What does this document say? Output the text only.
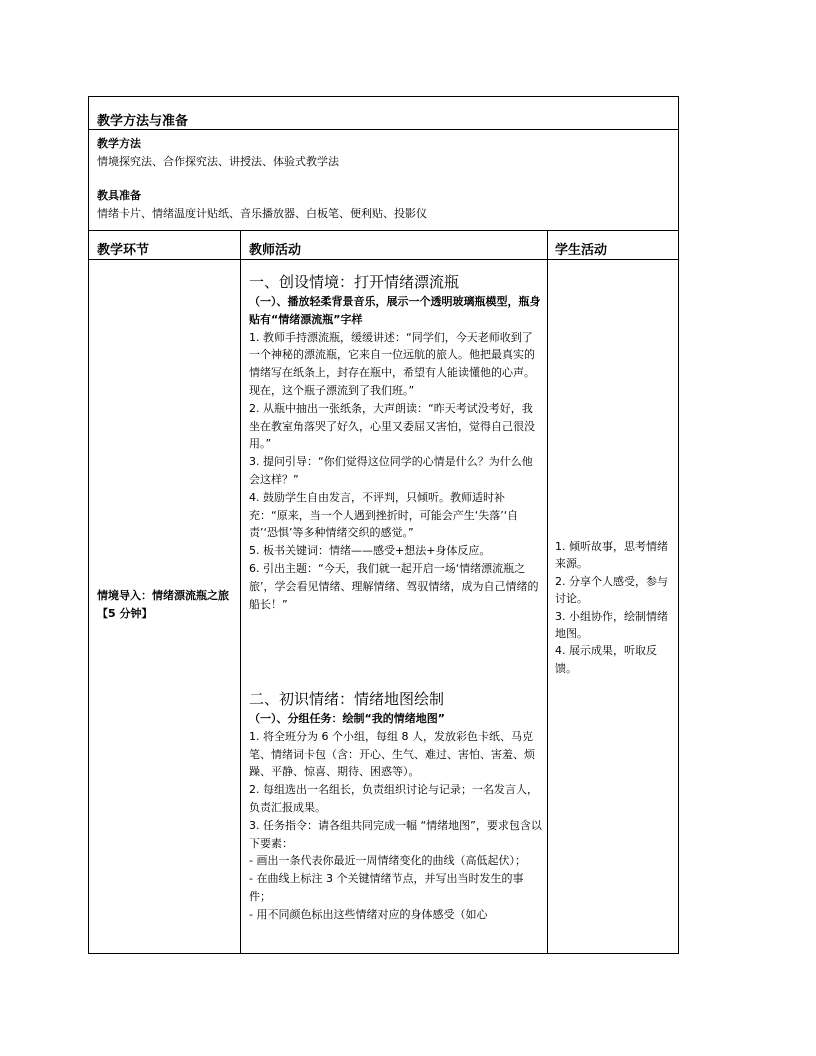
教学方法与准备
教学方法
情境探究法、合作探究法、讲授法、体验式教学法
教具准备
情绪卡片、情绪温度计贴纸、音乐播放器、白板笔、便利贴、投影仪
教学环节	教师活动	学生活动
情境导入：情绪漂流瓶之旅【5 分钟】

一、创设情境：打开情绪漂流瓶

（一）、播放轻柔背景音乐，展示一个透明玻璃瓶模型，瓶身贴有“情绪漂流瓶”字样

1. 教师手持漂流瓶，缓缓讲述：“同学们，今天老师收到了一个神秘的漂流瓶，它来自一位远航的旅人。他把最真实的情绪写在纸条上，封存在瓶中，希望有人能读懂他的心声。现在，这个瓶子漂流到了我们班。”

2. 从瓶中抽出一张纸条，大声朗读：“昨天考试没考好，我坐在教室角落哭了好久，心里又委屈又害怕，觉得自己很没用。”

3. 提问引导：“你们觉得这位同学的心情是什么？为什么他会这样？”

4. 鼓励学生自由发言，不评判，只倾听。教师适时补充：“原来，当一个人遇到挫折时，可能会产生‘失落’‘自责’‘恐惧’等多种情绪交织的感觉。”

5. 板书关键词：情绪——感受+想法+身体反应。

6. 引出主题：“今天，我们就一起开启一场‘情绪漂流瓶之旅’，学会看见情绪、理解情绪、驾驭情绪，成为自己情绪的船长！”

二、初识情绪：情绪地图绘制

（一）、分组任务：绘制“我的情绪地图”

1. 将全班分为 6 个小组，每组 8 人，发放彩色卡纸、马克笔、情绪词卡包（含：开心、生气、难过、害怕、害羞、烦躁、平静、惊喜、期待、困惑等）。

2. 每组选出一名组长，负责组织讨论与记录；一名发言人，负责汇报成果。

3. 任务指令：请各组共同完成一幅 “情绪地图”，要求包含以下要素：

- 画出一条代表你最近一周情绪变化的曲线（高低起伏）；

- 在曲线上标注 3 个关键情绪节点，并写出当时发生的事件；

- 用不同颜色标出这些情绪对应的身体感受（如心

1. 倾听故事，思考情绪来源。

2. 分享个人感受，参与讨论。

3. 小组协作，绘制情绪地图。

4. 展示成果，听取反馈。
